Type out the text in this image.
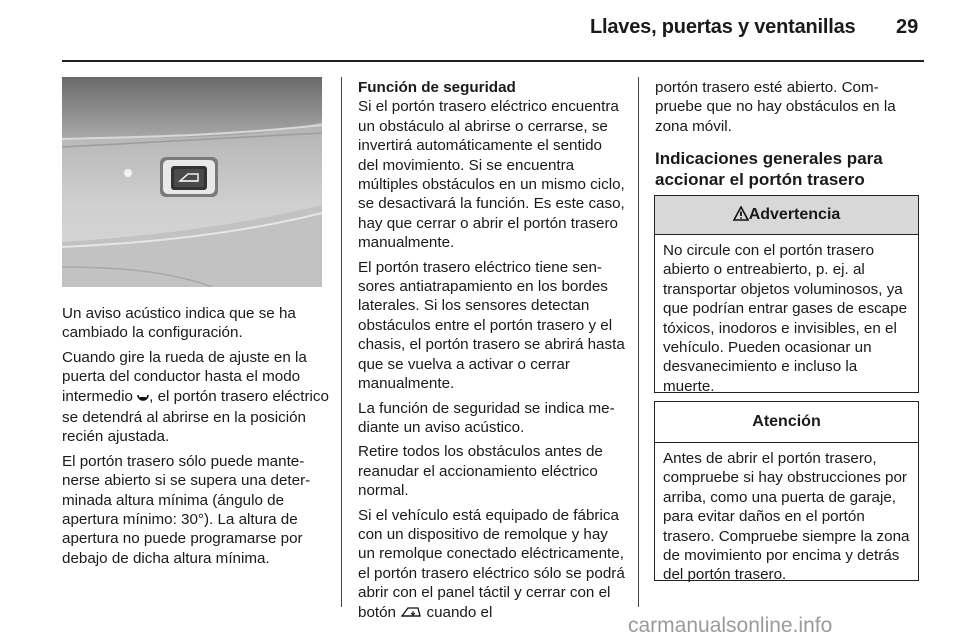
Llaves, puertas y ventanillas 29

Un aviso acústico indica que se ha cambiado la configuración.

Cuando gire la rueda de ajuste en la puerta del conductor hasta el modo intermedio , el portón trasero eléctrico se detendrá al abrirse en la posición recién ajustada.

El portón trasero sólo puede mantenerse abierto si se supera una determinada altura mínima (ángulo de apertura mínimo: 30°). La altura de apertura no puede programarse por debajo de dicha altura mínima.

Función de seguridad

Si el portón trasero eléctrico encuentra un obstáculo al abrirse o cerrarse, se invertirá automáticamente el sentido del movimiento. Si se encuentra múltiples obstáculos en un mismo ciclo, se desactivará la función. Es este caso, hay que cerrar o abrir el portón trasero manualmente.

El portón trasero eléctrico tiene sensores antiatrapamiento en los bordes laterales. Si los sensores detectan obstáculos entre el portón trasero y el chasis, el portón trasero se abrirá hasta que se vuelva a activar o cerrar manualmente.

La función de seguridad se indica mediante un aviso acústico.

Retire todos los obstáculos antes de reanudar el accionamiento eléctrico normal.

Si el vehículo está equipado de fábrica con un dispositivo de remolque y hay un remolque conectado eléctricamente, el portón trasero eléctrico sólo se podrá abrir con el panel táctil y cerrar con el botón  cuando el

portón trasero esté abierto. Compruebe que no hay obstáculos en la zona móvil.

Indicaciones generales para accionar el portón trasero

Advertencia
No circule con el portón trasero abierto o entreabierto, p. ej. al transportar objetos voluminosos, ya que podrían entrar gases de escape tóxicos, inodoros e invisibles, en el vehículo. Pueden ocasionar un desvanecimiento e incluso la muerte.
Atención
Antes de abrir el portón trasero, compruebe si hay obstrucciones por arriba, como una puerta de garaje, para evitar daños en el portón trasero. Compruebe siempre la zona de movimiento por encima y detrás del portón trasero.
carmanualsonline.info
